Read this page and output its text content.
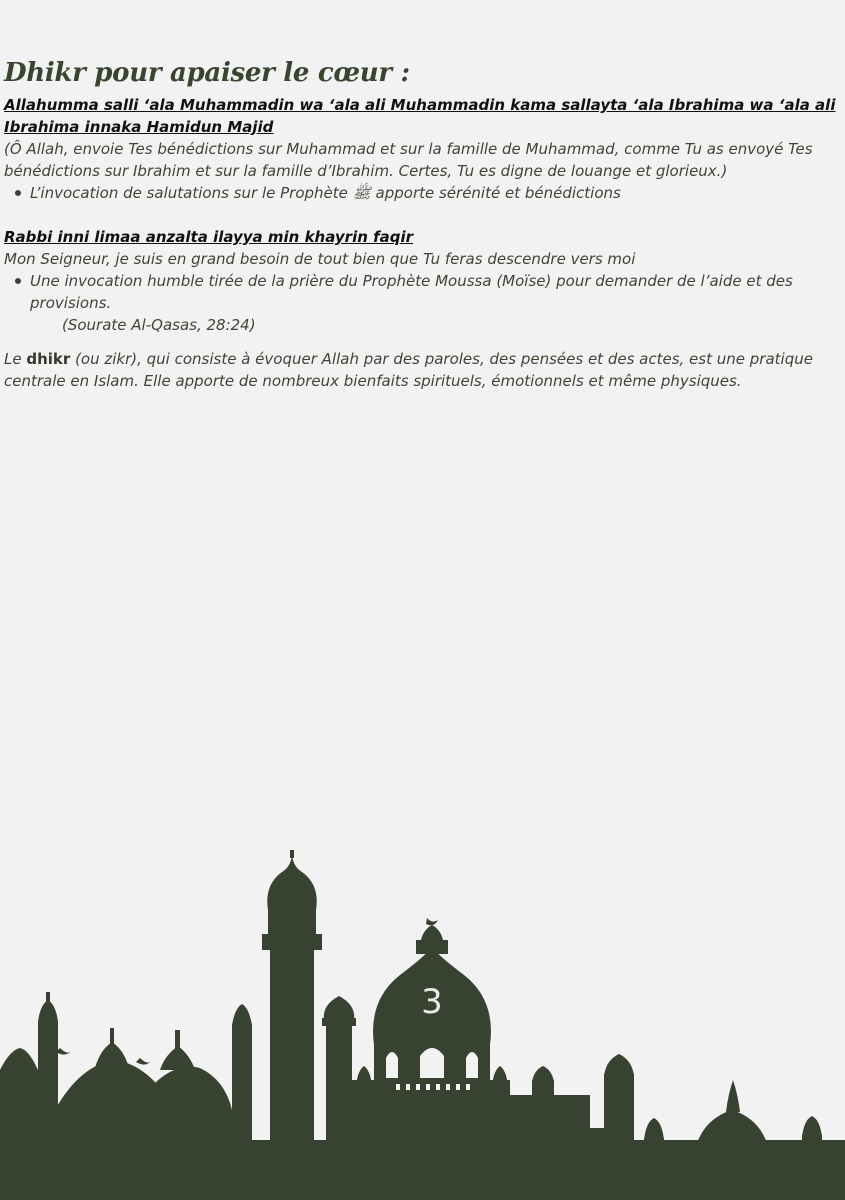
Dhikr pour apaiser le cœur :

Allahumma salli ‘ala Muhammadin wa ‘ala ali Muhammadin kama sallayta ‘ala Ibrahima wa ‘ala ali Ibrahima innaka Hamidun Majid

(Ô Allah, envoie Tes bénédictions sur Muhammad et sur la famille de Muhammad, comme Tu as envoyé Tes bénédictions sur Ibrahim et sur la famille d’Ibrahim. Certes, Tu es digne de louange et glorieux.)

L’invocation de salutations sur le Prophète ﷺ apporte sérénité et bénédictions

Rabbi inni limaa anzalta ilayya min khayrin faqir

Mon Seigneur, je suis en grand besoin de tout bien que Tu feras descendre vers moi

Une invocation humble tirée de la prière du Prophète Moussa (Moïse) pour demander de l’aide et des provisions.

(Sourate Al-Qasas, 28:24)

Le dhikr (ou zikr), qui consiste à évoquer Allah par des paroles, des pensées et des actes, est une pratique centrale en Islam. Elle apporte de nombreux bienfaits spirituels, émotionnels et même physiques.

3
